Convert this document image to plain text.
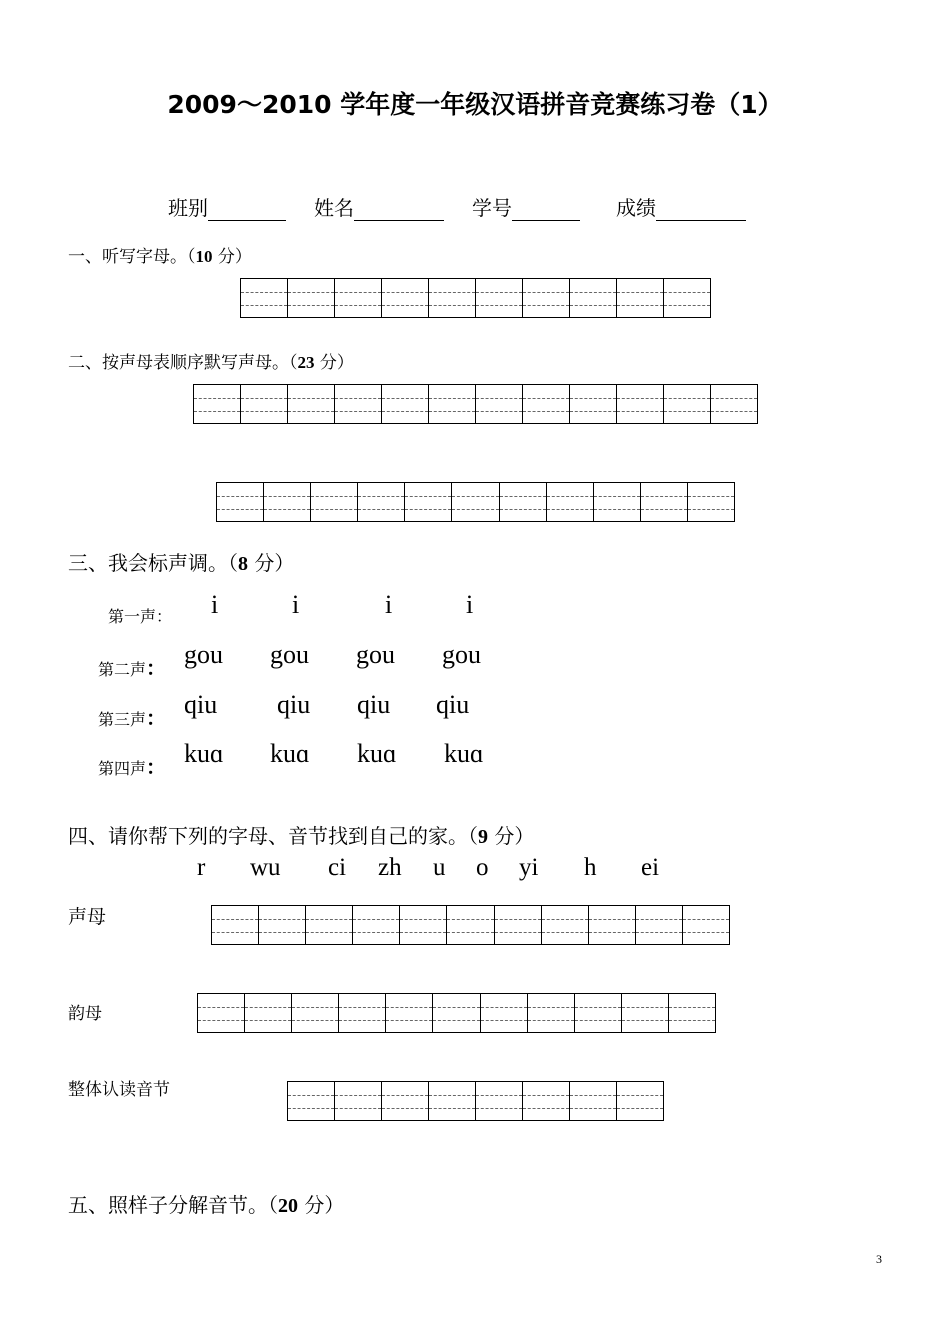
2009～2010 学年度一年级汉语拼音竞赛练习卷（1）
班别	姓名	学号	成绩
一、听写字母。（10 分）
二、按声母表顺序默写声母。（23 分）
三、我会标声调。（8 分）
第一声： i	i	i	i
第二声： gou gou gou gou
第三声： qiu qiu qiu qiu
第四声： kuɑ kuɑ kuɑ kuɑ
四、请你帮下列的字母、音节找到自己的家。（9 分）
r wu ci zh u o yi h ei
声母
韵母
整体认读音节
五、照样子分解音节。（20 分）
3
